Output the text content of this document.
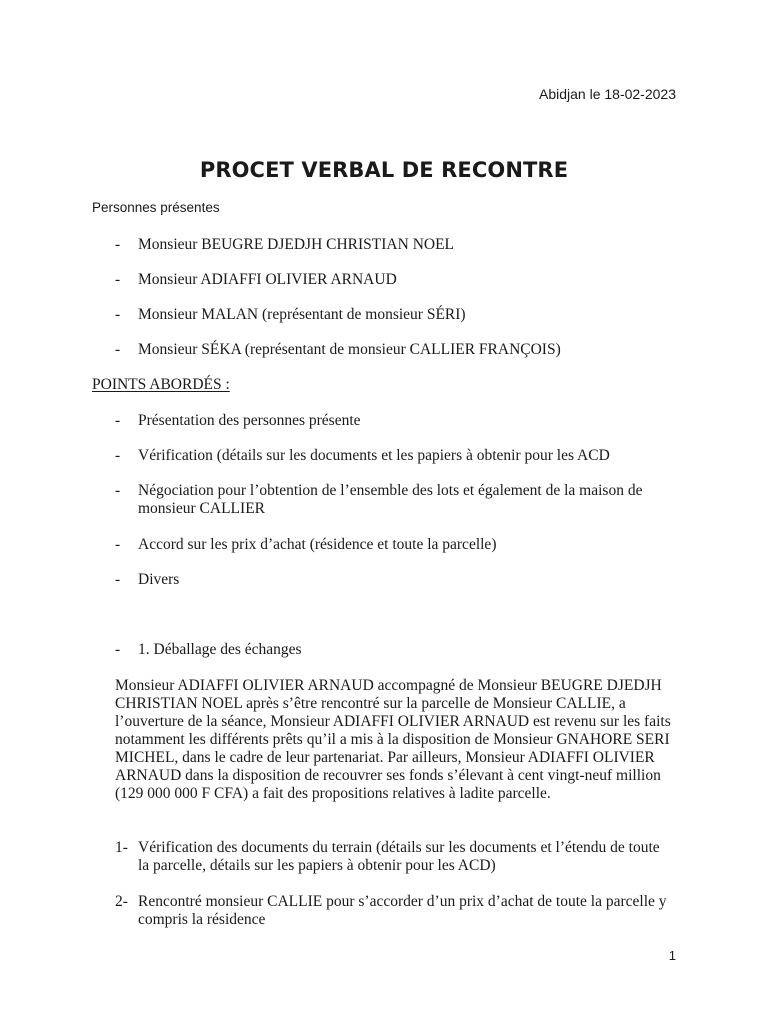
Abidjan le 18-02-2023
PROCET VERBAL DE RECONTRE
Personnes présentes
- Monsieur BEUGRE DJEDJH CHRISTIAN NOEL
- Monsieur ADIAFFI OLIVIER ARNAUD
- Monsieur MALAN (représentant de monsieur SÉRI)
- Monsieur SÉKA (représentant de monsieur CALLIER FRANÇOIS)
POINTS ABORDÉS :
- Présentation des personnes présente
- Vérification (détails sur les documents et les papiers à obtenir pour les ACD
- Négociation pour l’obtention de l’ensemble des lots et également de la maison de monsieur CALLIER
- Accord sur les prix d’achat (résidence et toute la parcelle)
- Divers
- 1. Déballage des échanges
Monsieur ADIAFFI OLIVIER ARNAUD accompagné de Monsieur BEUGRE DJEDJH CHRISTIAN NOEL après s’être rencontré sur la parcelle de Monsieur CALLIE, a l’ouverture de la séance, Monsieur ADIAFFI OLIVIER ARNAUD est revenu sur les faits notamment les différents prêts qu’il a mis à la disposition de Monsieur GNAHORE SERI MICHEL, dans le cadre de leur partenariat. Par ailleurs, Monsieur ADIAFFI OLIVIER ARNAUD dans la disposition de recouvrer ses fonds s’élevant à cent vingt-neuf million (129 000 000 F CFA) a fait des propositions relatives à ladite parcelle.
1- Vérification des documents du terrain (détails sur les documents et l’étendu de toute la parcelle, détails sur les papiers à obtenir pour les ACD)
2- Rencontré monsieur CALLIE pour s’accorder d’un prix d’achat de toute la parcelle y compris la résidence
1
